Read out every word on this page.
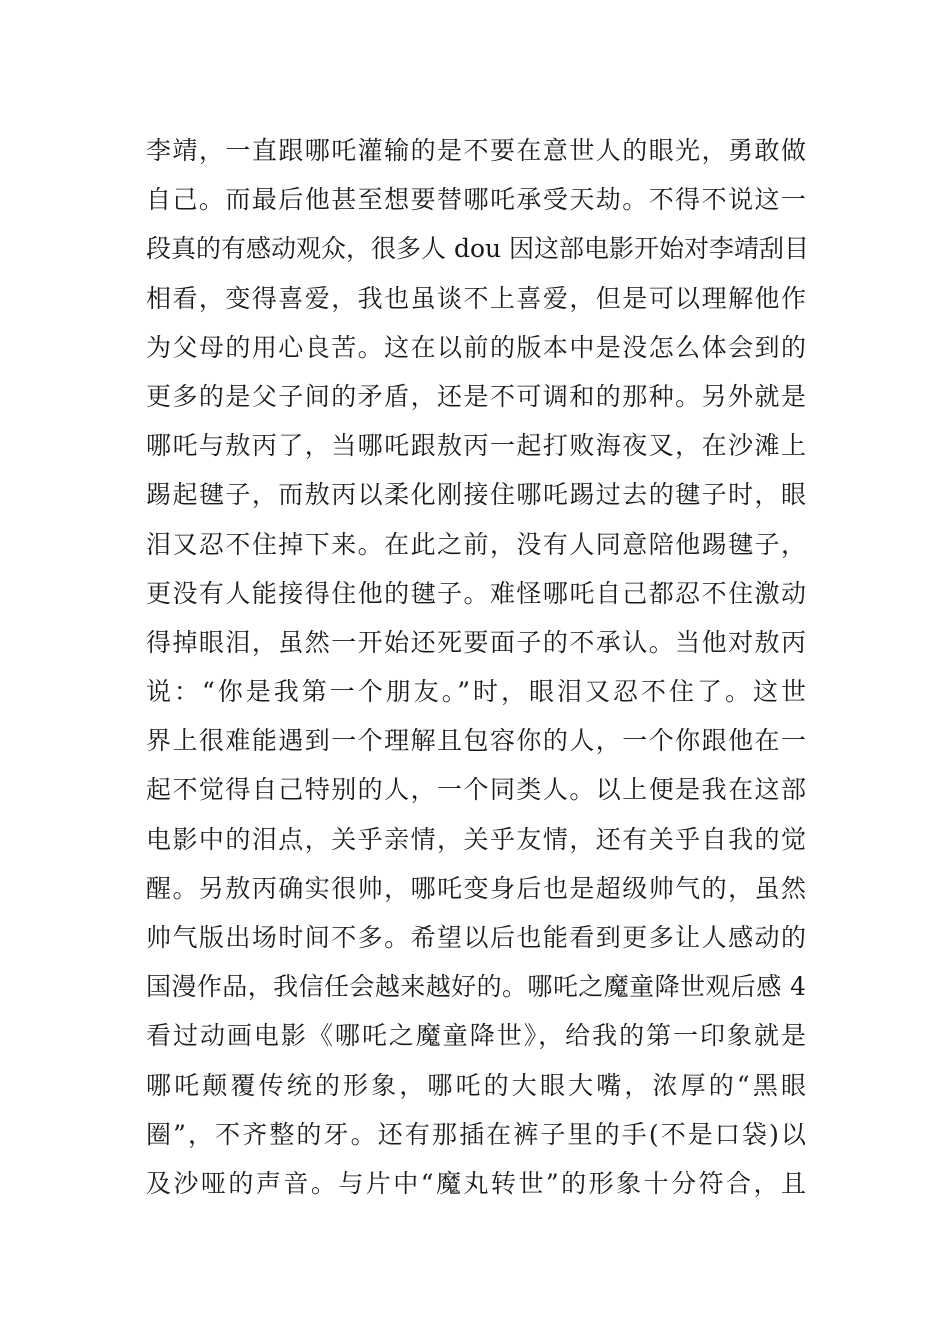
李靖，一直跟哪吒灌输的是不要在意世人的眼光，勇敢做
自己。而最后他甚至想要替哪吒承受天劫。不得不说这一
段真的有感动观众，很多人 dou 因这部电影开始对李靖刮目
相看，变得喜爱，我也虽谈不上喜爱，但是可以理解他作
为父母的用心良苦。这在以前的版本中是没怎么体会到的
更多的是父子间的矛盾，还是不可调和的那种。另外就是
哪吒与敖丙了，当哪吒跟敖丙一起打败海夜叉，在沙滩上
踢起毽子，而敖丙以柔化刚接住哪吒踢过去的毽子时，眼
泪又忍不住掉下来。在此之前，没有人同意陪他踢毽子，
更没有人能接得住他的毽子。难怪哪吒自己都忍不住激动
得掉眼泪，虽然一开始还死要面子的不承认。当他对敖丙
说：“你是我第一个朋友。”时，眼泪又忍不住了。这世
界上很难能遇到一个理解且包容你的人，一个你跟他在一
起不觉得自己特别的人，一个同类人。以上便是我在这部
电影中的泪点，关乎亲情，关乎友情，还有关乎自我的觉
醒。另敖丙确实很帅，哪吒变身后也是超级帅气的，虽然
帅气版出场时间不多。希望以后也能看到更多让人感动的
国漫作品，我信任会越来越好的。哪吒之魔童降世观后感 4
看过动画电影《哪吒之魔童降世》，给我的第一印象就是
哪吒颠覆传统的形象，哪吒的大眼大嘴，浓厚的“黑眼
圈”，不齐整的牙。还有那插在裤子里的手(不是口袋)以
及沙哑的声音。与片中“魔丸转世”的形象十分符合，且
